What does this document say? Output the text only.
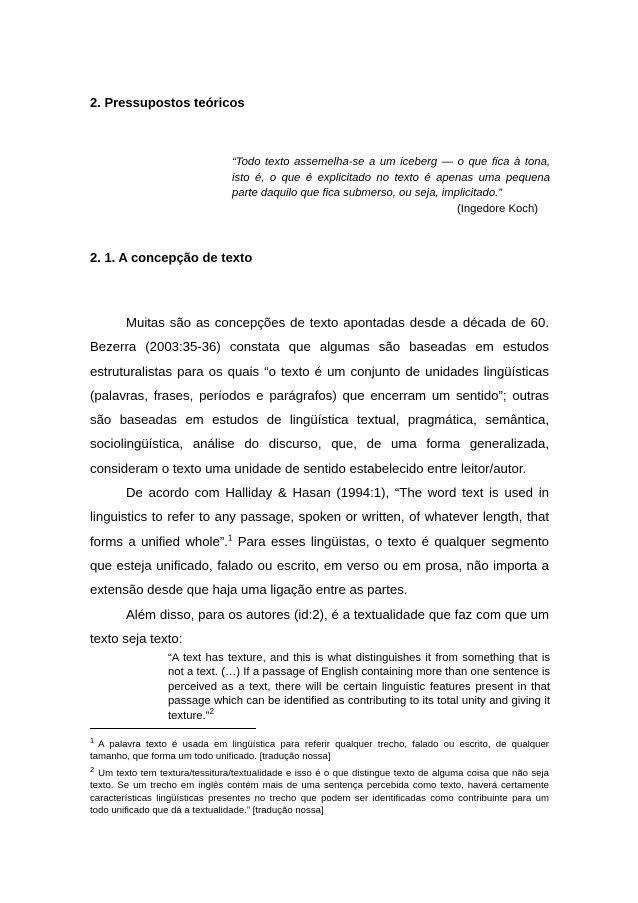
2. Pressupostos teóricos
“Todo texto assemelha-se a um iceberg — o que fica à tona, isto é, o que é explicitado no texto é apenas uma pequena parte daquilo que fica submerso, ou seja, implicitado.”
(Ingedore Koch)
2. 1. A concepção de texto

Muitas são as concepções de texto apontadas desde a década de 60. Bezerra (2003:35-36) constata que algumas são baseadas em estudos estruturalistas para os quais “o texto é um conjunto de unidades lingüísticas (palavras, frases, períodos e parágrafos) que encerram um sentido”; outras são baseadas em estudos de lingüística textual, pragmática, semântica, sociolingüística, análise do discurso, que, de uma forma generalizada, consideram o texto uma unidade de sentido estabelecido entre leitor/autor.

De acordo com Halliday & Hasan (1994:1), “The word text is used in linguistics to refer to any passage, spoken or written, of whatever length, that forms a unified whole”.$^1$ Para esses lingüistas, o texto é qualquer segmento que esteja unificado, falado ou escrito, em verso ou em prosa, não importa a extensão desde que haja uma ligação entre as partes.

Além disso, para os autores (id:2), é a textualidade que faz com que um texto seja texto:

“A text has texture, and this is what distinguishes it from something that is not a text. (…) If a passage of English containing more than one sentence is perceived as a text, there will be certain linguistic features present in that passage which can be identified as contributing to its total unity and giving it texture.”$^2$

$^1$ A palavra texto é usada em lingüística para referir qualquer trecho, falado ou escrito, de qualquer tamanho, que forma um todo unificado. [tradução nossa]

$^2$ Um texto tem textura/tessitura/textualidade e isso é o que distingue texto de alguma coisa que não seja texto. Se um trecho em inglês contém mais de uma sentença percebida como texto, haverá certamente características lingüísticas presentes no trecho que podem ser identificadas como contribuinte para um todo unificado que dá a textualidade.” [tradução nossa]
